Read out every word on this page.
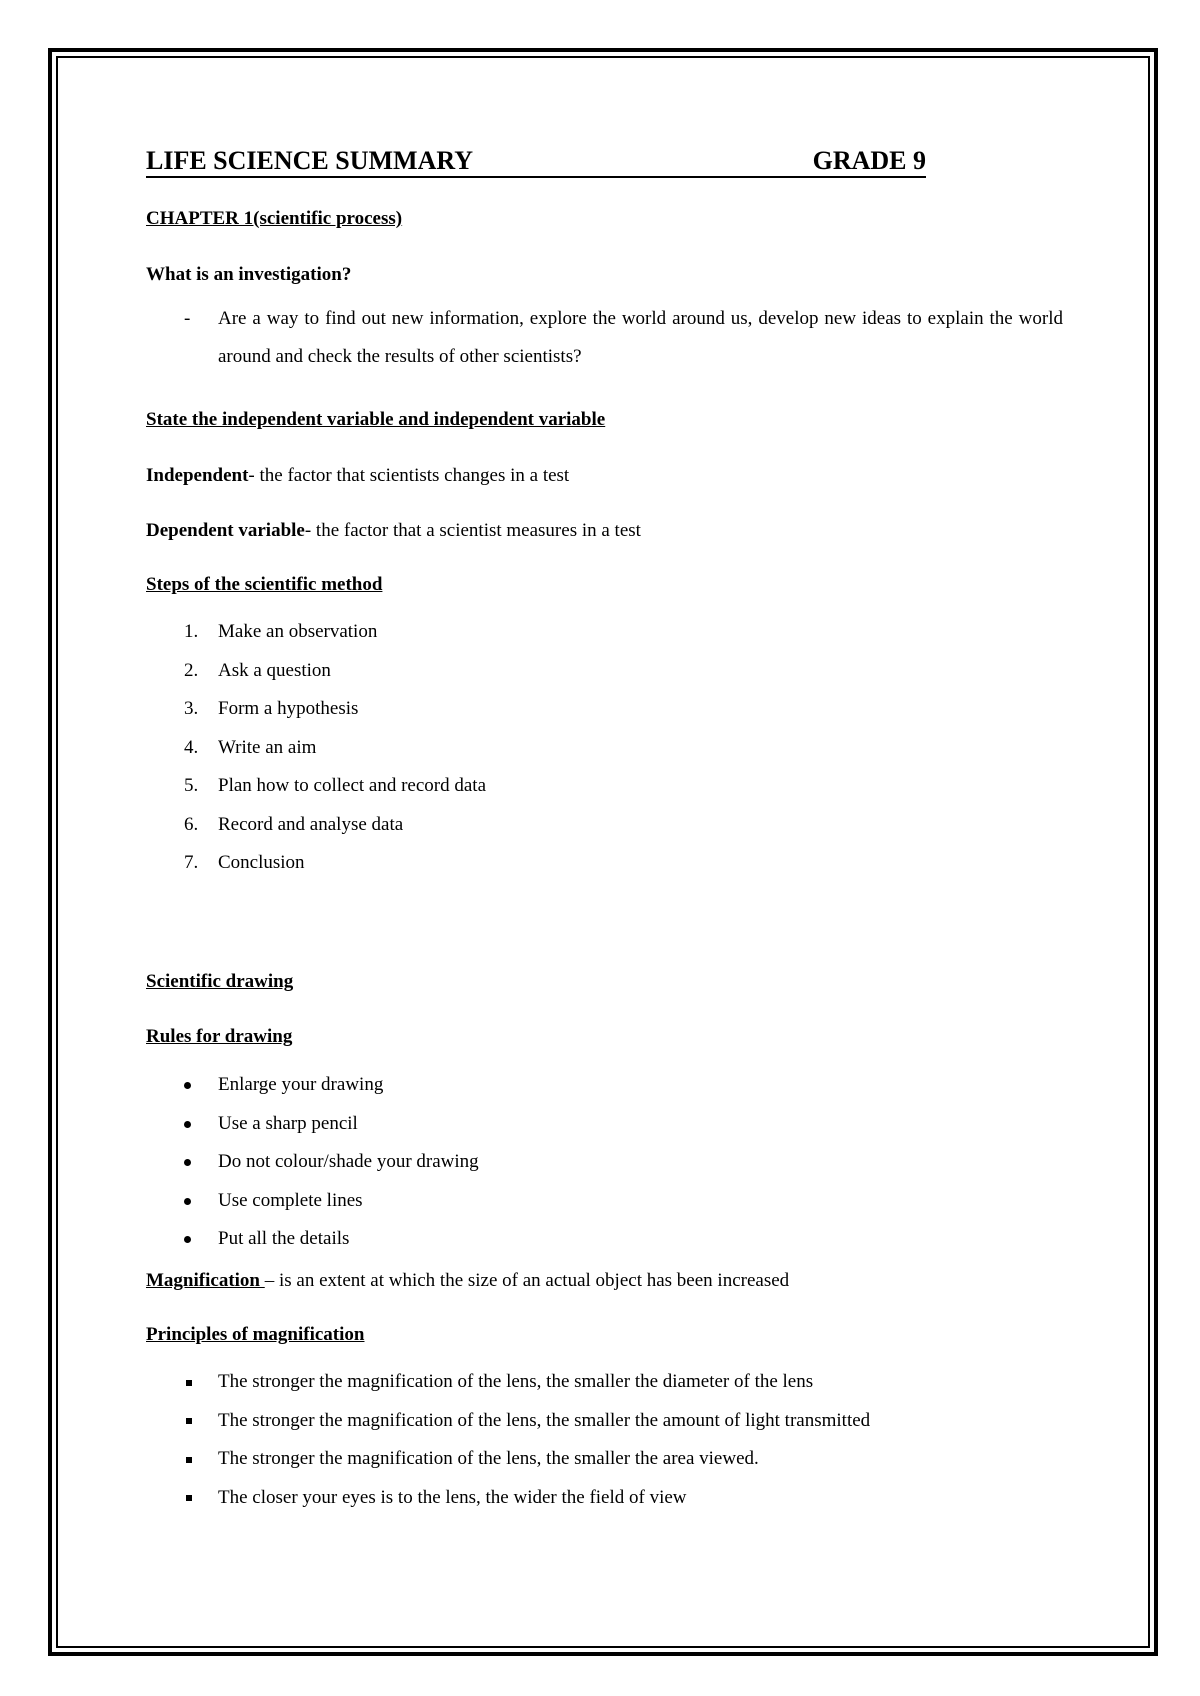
LIFE SCIENCE SUMMARY	GRADE 9

CHAPTER 1(scientific process)

What is an investigation?

-	Are a way to find out new information, explore the world around us, develop new ideas to explain the world around and check the results of other scientists?

State the independent variable and independent variable

Independent- the factor that scientists changes in a test

Dependent variable- the factor that a scientist measures in a test

Steps of the scientific method

1.	Make an observation
2.	Ask a question
3.	Form a hypothesis
4.	Write an aim
5.	Plan how to collect and record data
6.	Record and analyse data
7.	Conclusion

Scientific drawing

Rules for drawing

Enlarge your drawing
Use a sharp pencil
Do not colour/shade your drawing
Use complete lines
Put all the details

Magnification – is an extent at which the size of an actual object has been increased

Principles of magnification

The stronger the magnification of the lens, the smaller the diameter of the lens
The stronger the magnification of the lens, the smaller the amount of light transmitted
The stronger the magnification of the lens, the smaller the area viewed.
The closer your eyes is to the lens, the wider the field of view
